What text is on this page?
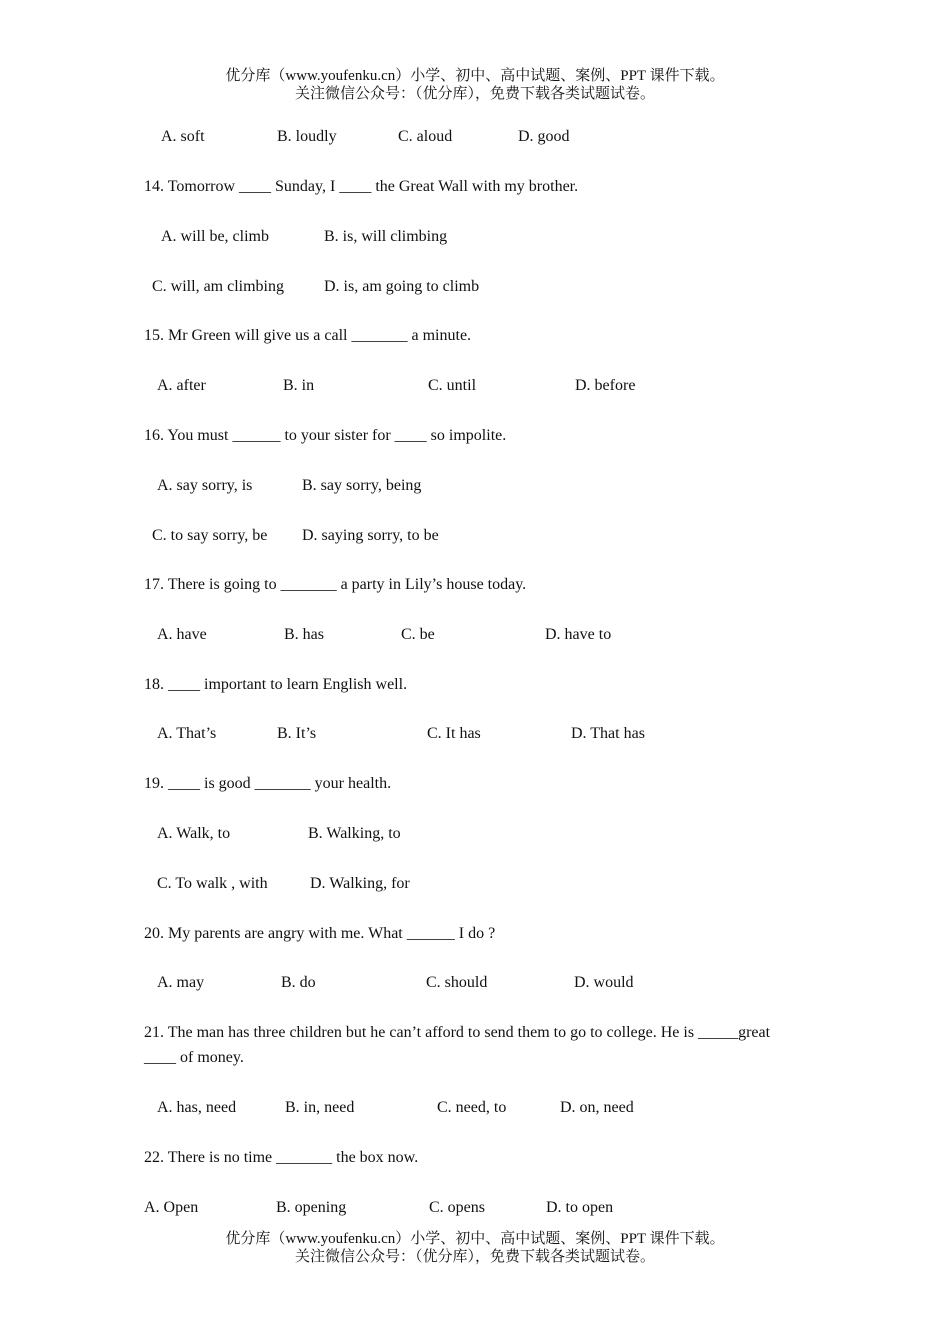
优分库（www.youfenku.cn）小学、初中、高中试题、案例、PPT 课件下载。
关注微信公众号：（优分库），免费下载各类试题试卷。
A. soft	B. loudly	C. aloud	D. good
14. Tomorrow ____ Sunday, I ____ the Great Wall with my brother.
A. will be, climb	B. is, will climbing
C. will, am climbing	D. is, am going to climb
15. Mr Green will give us a call _______ a minute.
A. after	B. in	C. until	D. before
16. You must ______ to your sister for ____ so impolite.
A. say sorry, is	B. say sorry, being
C. to say sorry, be D. saying sorry, to be
17. There is going to _______ a party in Lily’s house today.
A. have	B. has	C. be	D. have to
18. ____ important to learn English well.
A. That’s	B. It’s	C. It has	D. That has
19. ____ is good _______ your health.
A. Walk, to	B. Walking, to
C. To walk , with	D. Walking, for
20. My parents are angry with me. What ______ I do ?
A. may	B. do	C. should	D. would
21. The man has three children but he can’t afford to send them to go to college. He is _____great
____ of money.
A. has, need	B. in, need	C. need, to	D. on, need
22. There is no time _______ the box now.
A. Open	B. opening	C. opens	D. to open
优分库（www.youfenku.cn）小学、初中、高中试题、案例、PPT 课件下载。
关注微信公众号：（优分库），免费下载各类试题试卷。
